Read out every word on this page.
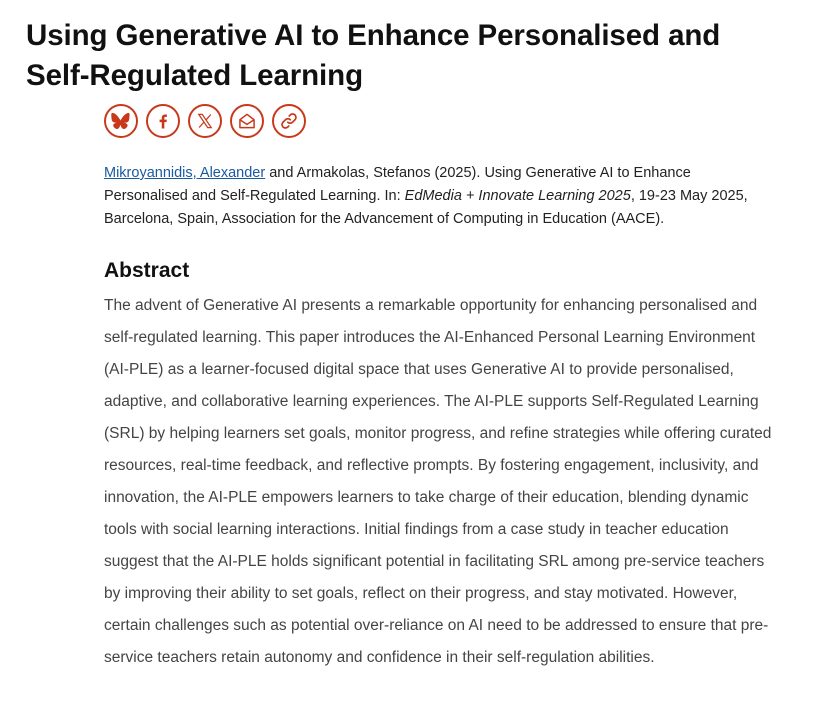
Using Generative AI to Enhance Personalised and Self-Regulated Learning

Mikroyannidis, Alexander and Armakolas, Stefanos (2025). Using Generative AI to Enhance Personalised and Self-Regulated Learning. In: EdMedia + Innovate Learning 2025, 19-23 May 2025, Barcelona, Spain, Association for the Advancement of Computing in Education (AACE).

Abstract

The advent of Generative AI presents a remarkable opportunity for enhancing personalised and self-regulated learning. This paper introduces the AI-Enhanced Personal Learning Environment (AI-PLE) as a learner-focused digital space that uses Generative AI to provide personalised, adaptive, and collaborative learning experiences. The AI-PLE supports Self-Regulated Learning (SRL) by helping learners set goals, monitor progress, and refine strategies while offering curated resources, real-time feedback, and reflective prompts. By fostering engagement, inclusivity, and innovation, the AI-PLE empowers learners to take charge of their education, blending dynamic tools with social learning interactions. Initial findings from a case study in teacher education suggest that the AI-PLE holds significant potential in facilitating SRL among pre-service teachers by improving their ability to set goals, reflect on their progress, and stay motivated. However, certain challenges such as potential over-reliance on AI need to be addressed to ensure that pre-service teachers retain autonomy and confidence in their self-regulation abilities.
